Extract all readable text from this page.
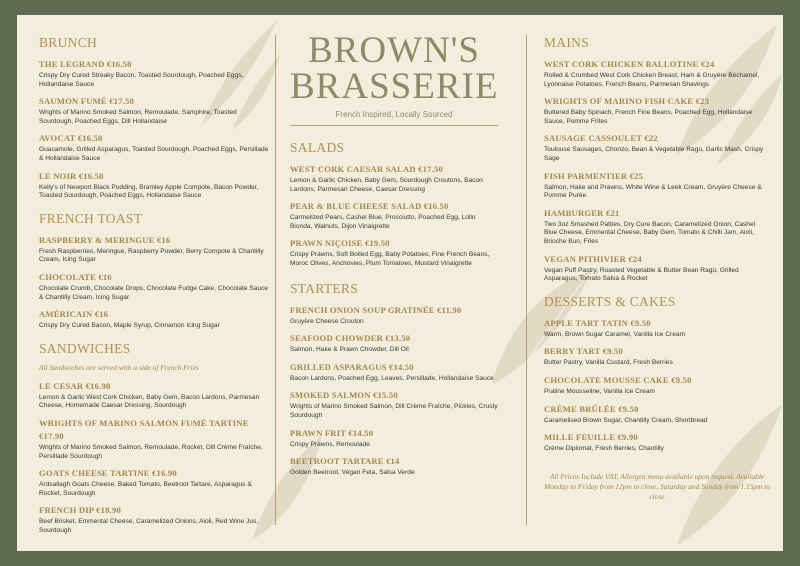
BRUNCH
THE LEGRAND €16.50
Crispy Dry Cured Streaky Bacon, Toasted Sourdough, Poached Eggs, Hollandaise Sauce
SAUMON FUMÉ €17.50
Wrights of Marino Smoked Salmon, Remoulade, Samphire, Toasted Sourdough, Poached Eggs, Dill Hollandaise
AVOCAT €16.50
Guacamole, Grilled Asparagus, Toasted Sourdough, Poached Eggs, Persillade & Hollandaise Sauce
LE NOIR €16.50
Kelly's of Newport Black Pudding, Bramley Apple Compote, Bacon Powder, Toasted Sourdough, Poached Eggs, Hollandaise Sauce
FRENCH TOAST
RASPBERRY & MERINGUE €16
Fresh Raspberries, Meringue, Raspberry Powder, Berry Compote & Chantilly Cream, Icing Sugar
CHOCOLATE €16
Chocolate Crumb, Chocolate Drops, Chocolate Fudge Cake, Chocolate Sauce & Chantilly Cream, Icing Sugar
AMÉRICAIN €16
Crispy Dry Cured Bacon, Maple Syrup, Cinnamon Icing Sugar
SANDWICHES
All Sandwiches are served with a side of French Fries
LE CESAR €16.90
Lemon & Garlic West Cork Chicken, Baby Gem, Bacon Lardons, Parmesan Cheese, Homemade Caesar Dressing, Sourdough
WRIGHTS OF MARINO SALMON FUMÉ TARTINE
€17.90
Wrights of Marino Smoked Salmon, Remoulade, Rocket, Dill Crème Fraîche, Persillade Sourdough
GOATS CHEESE TARTINE €16.90
Ardsallagh Goats Cheese, Baked Tomato, Beetroot Tartare, Asparagus & Rocket, Sourdough
FRENCH DIP €18.90
Beef Brisket, Emmental Cheese, Caramelized Onions, Aioli, Red Wine Jus, Sourdough
BROWN'S
BRASSERIE
French Inspired, Locally Sourced
SALADS
WEST CORK CAESAR SALAD €17.50
Lemon & Garlic Chicken, Baby Gem, Sourdough Croutons, Bacon Lardons, Parmesan Cheese, Caesar Dressing
PEAR & BLUE CHEESE SALAD €16.50
Carmelized Pears, Cashel Blue, Prosciutto, Poached Egg, Lollo Bionda, Walnuts, Dijon Vinaigrette
PRAWN NIÇOISE €19.50
Crispy Prawns, Soft Boiled Egg, Baby Potatoes, Fine French Beans, Moroc Olives, Anchovies, Plum Tomatoes, Mustard Vinaigrette
STARTERS
FRENCH ONION SOUP GRATINÉE €11.90
Gruyère Cheese Crouton
SEAFOOD CHOWDER €13.50
Salmon, Hake & Prawn Chowder, Dill Oil
GRILLED ASPARAGUS €14.50
Bacon Lardons, Poached Egg, Leaves, Persillade, Hollandaise Sauce
SMOKED SALMON €15.50
Wrights of Marino Smoked Salmon, Dill Crème Fraîche, Pickles, Crusty Sourdough
PRAWN FRIT €14.50
Crispy Prawns, Remoulade
BEETROOT TARTARE €14
Golden Beetroot, Vegan Feta, Salsa Verde
MAINS
WEST CORK CHICKEN BALLOTINE €24
Rolled & Crumbed West Cork Chicken Breast, Ham & Gruyère Béchamel, Lyonnaise Potatoes, French Beans, Parmesan Shavings
WRIGHTS OF MARINO FISH CAKE €23
Buttered Baby Spinach, French Fine Beans, Poached Egg, Hollandaise Sauce, Pomme Frites
SAUSAGE CASSOULET €22
Toulouse Sausages, Chorizo, Bean & Vegetable Ragù, Garlic Mash, Crispy Sage
FISH PARMENTIER €25
Salmon, Hake and Prawns, White Wine & Leek Cream, Gruyère Cheese & Pomme Purée
HAMBURGER €21
Two 3oz Smashed Patties, Dry Cure Bacon, Caramelized Onion, Cashel Blue Cheese, Emmental Cheese, Baby Gem, Tomato & Chilli Jam, Aioli, Brioche Bun, Fries
VEGAN PITHIVIER €24
Vegan Puff Pastry, Roasted Vegetable & Butter Bean Ragù, Grilled Asparagus, Tomato Salsa & Rocket
DESSERTS & CAKES
APPLE TART TATIN €9.50
Warm, Brown Sugar Caramel, Vanilla Ice Cream
BERRY TART €9.50
Butter Pastry, Vanilla Custard, Fresh Berries
CHOCOLATE MOUSSE CAKE €9.50
Praline Mousseline, Vanilla Ice Cream
CRÈME BRÛLÉE €9.50
Caramelised Brown Sugar, Chantilly Cream, Shortbread
MILLE FEUILLE €9.90
Crème Diplomat, Fresh Berries, Chantilly
All Prices Include VAT, Allergen menu available upon request. Available Monday to Friday from 12pm to close, Saturday and Sunday from 1.15pm to close
